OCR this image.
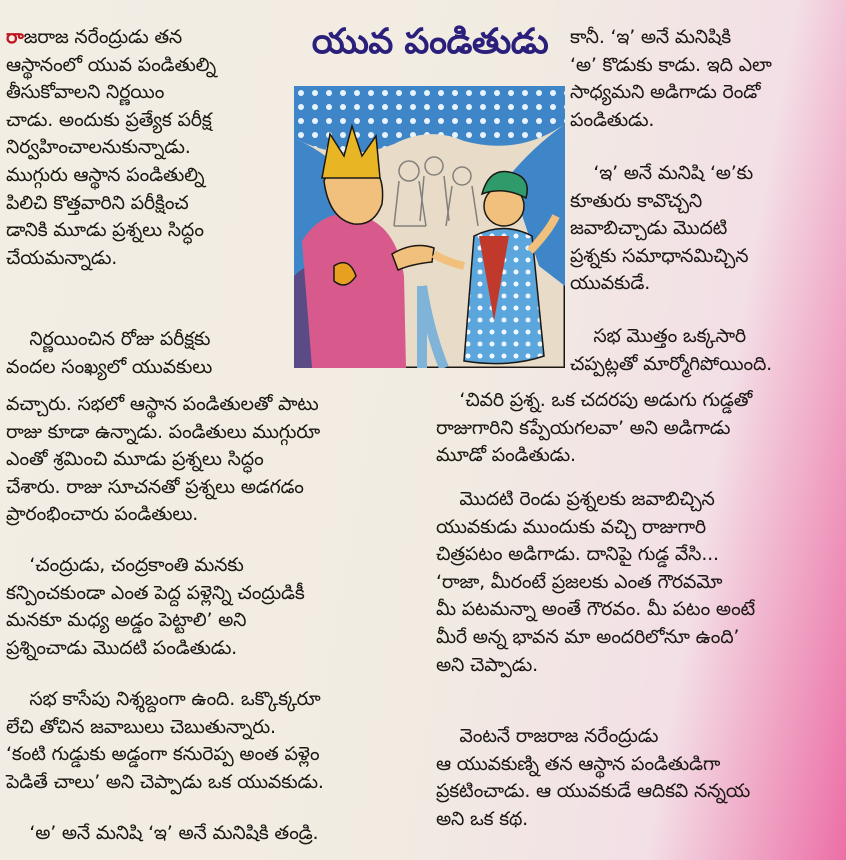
యువ పండితుడు

రాజరాజ నరేంద్రుడు తన
ఆస్థానంలో యువ పండితుల్ని
తీసుకోవాలని నిర్ణయిం
చాడు. అందుకు ప్రత్యేక పరీక్ష
నిర్వహించాలనుకున్నాడు.
ముగ్గురు ఆస్థాన పండితుల్ని
పిలిచి కొత్తవారిని పరీక్షించ
డానికి మూడు ప్రశ్నలు సిద్ధం
చేయమన్నాడు.

నిర్ణయించిన రోజు పరీక్షకు
వందల సంఖ్యలో యువకులు

వచ్చారు. సభలో ఆస్థాన పండితులతో పాటు
రాజు కూడా ఉన్నాడు. పండితులు ముగ్గురూ
ఎంతో శ్రమించి మూడు ప్రశ్నలు సిద్ధం
చేశారు. రాజు సూచనతో ప్రశ్నలు అడగడం
ప్రారంభించారు పండితులు.

‘చంద్రుడు, చంద్రకాంతి మనకు
కన్పించకుండా ఎంత పెద్ద పళ్లెన్ని చంద్రుడికీ
మనకూ మధ్య అడ్డం పెట్టాలి’ అని
ప్రశ్నించాడు మొదటి పండితుడు.

సభ కాసేపు నిశ్శబ్దంగా ఉంది. ఒక్కొక్కరూ
లేచి తోచిన జవాబులు చెబుతున్నారు.
‘కంటి గుడ్డుకు అడ్డంగా కనురెప్ప అంత పళ్లెం
పెడితే చాలు’ అని చెప్పాడు ఒక యువకుడు.

‘అ’ అనే మనిషి ‘ఇ’ అనే మనిషికి తండ్రి.

కానీ. ‘ఇ’ అనే మనిషికి
‘అ’ కొడుకు కాడు. ఇది ఎలా
సాధ్యమని అడిగాడు రెండో
పండితుడు.

‘ఇ’ అనే మనిషి ‘అ’కు
కూతురు కావొచ్చని
జవాబిచ్చాడు మొదటి
ప్రశ్నకు సమాధానమిచ్చిన
యువకుడే.

సభ మొత్తం ఒక్కసారి
చప్పట్లతో మార్మోగిపోయింది.

‘చివరి ప్రశ్న. ఒక చదరపు అడుగు గుడ్డతో
రాజుగారిని కప్పేయగలవా’ అని అడిగాడు
మూడో పండితుడు.

మొదటి రెండు ప్రశ్నలకు జవాబిచ్చిన
యువకుడు ముందుకు వచ్చి రాజుగారి
చిత్రపటం అడిగాడు. దానిపై గుడ్డ వేసి...
‘రాజా, మీరంటే ప్రజలకు ఎంత గౌరవమో
మీ పటమన్నా అంతే గౌరవం. మీ పటం అంటే
మీరే అన్న భావన మా అందరిలోనూ ఉంది’
అని చెప్పాడు.

వెంటనే రాజరాజ నరేంద్రుడు
ఆ యువకుణ్ని తన ఆస్థాన పండితుడిగా
ప్రకటించాడు. ఆ యువకుడే ఆదికవి నన్నయ
అని ఒక కథ.
